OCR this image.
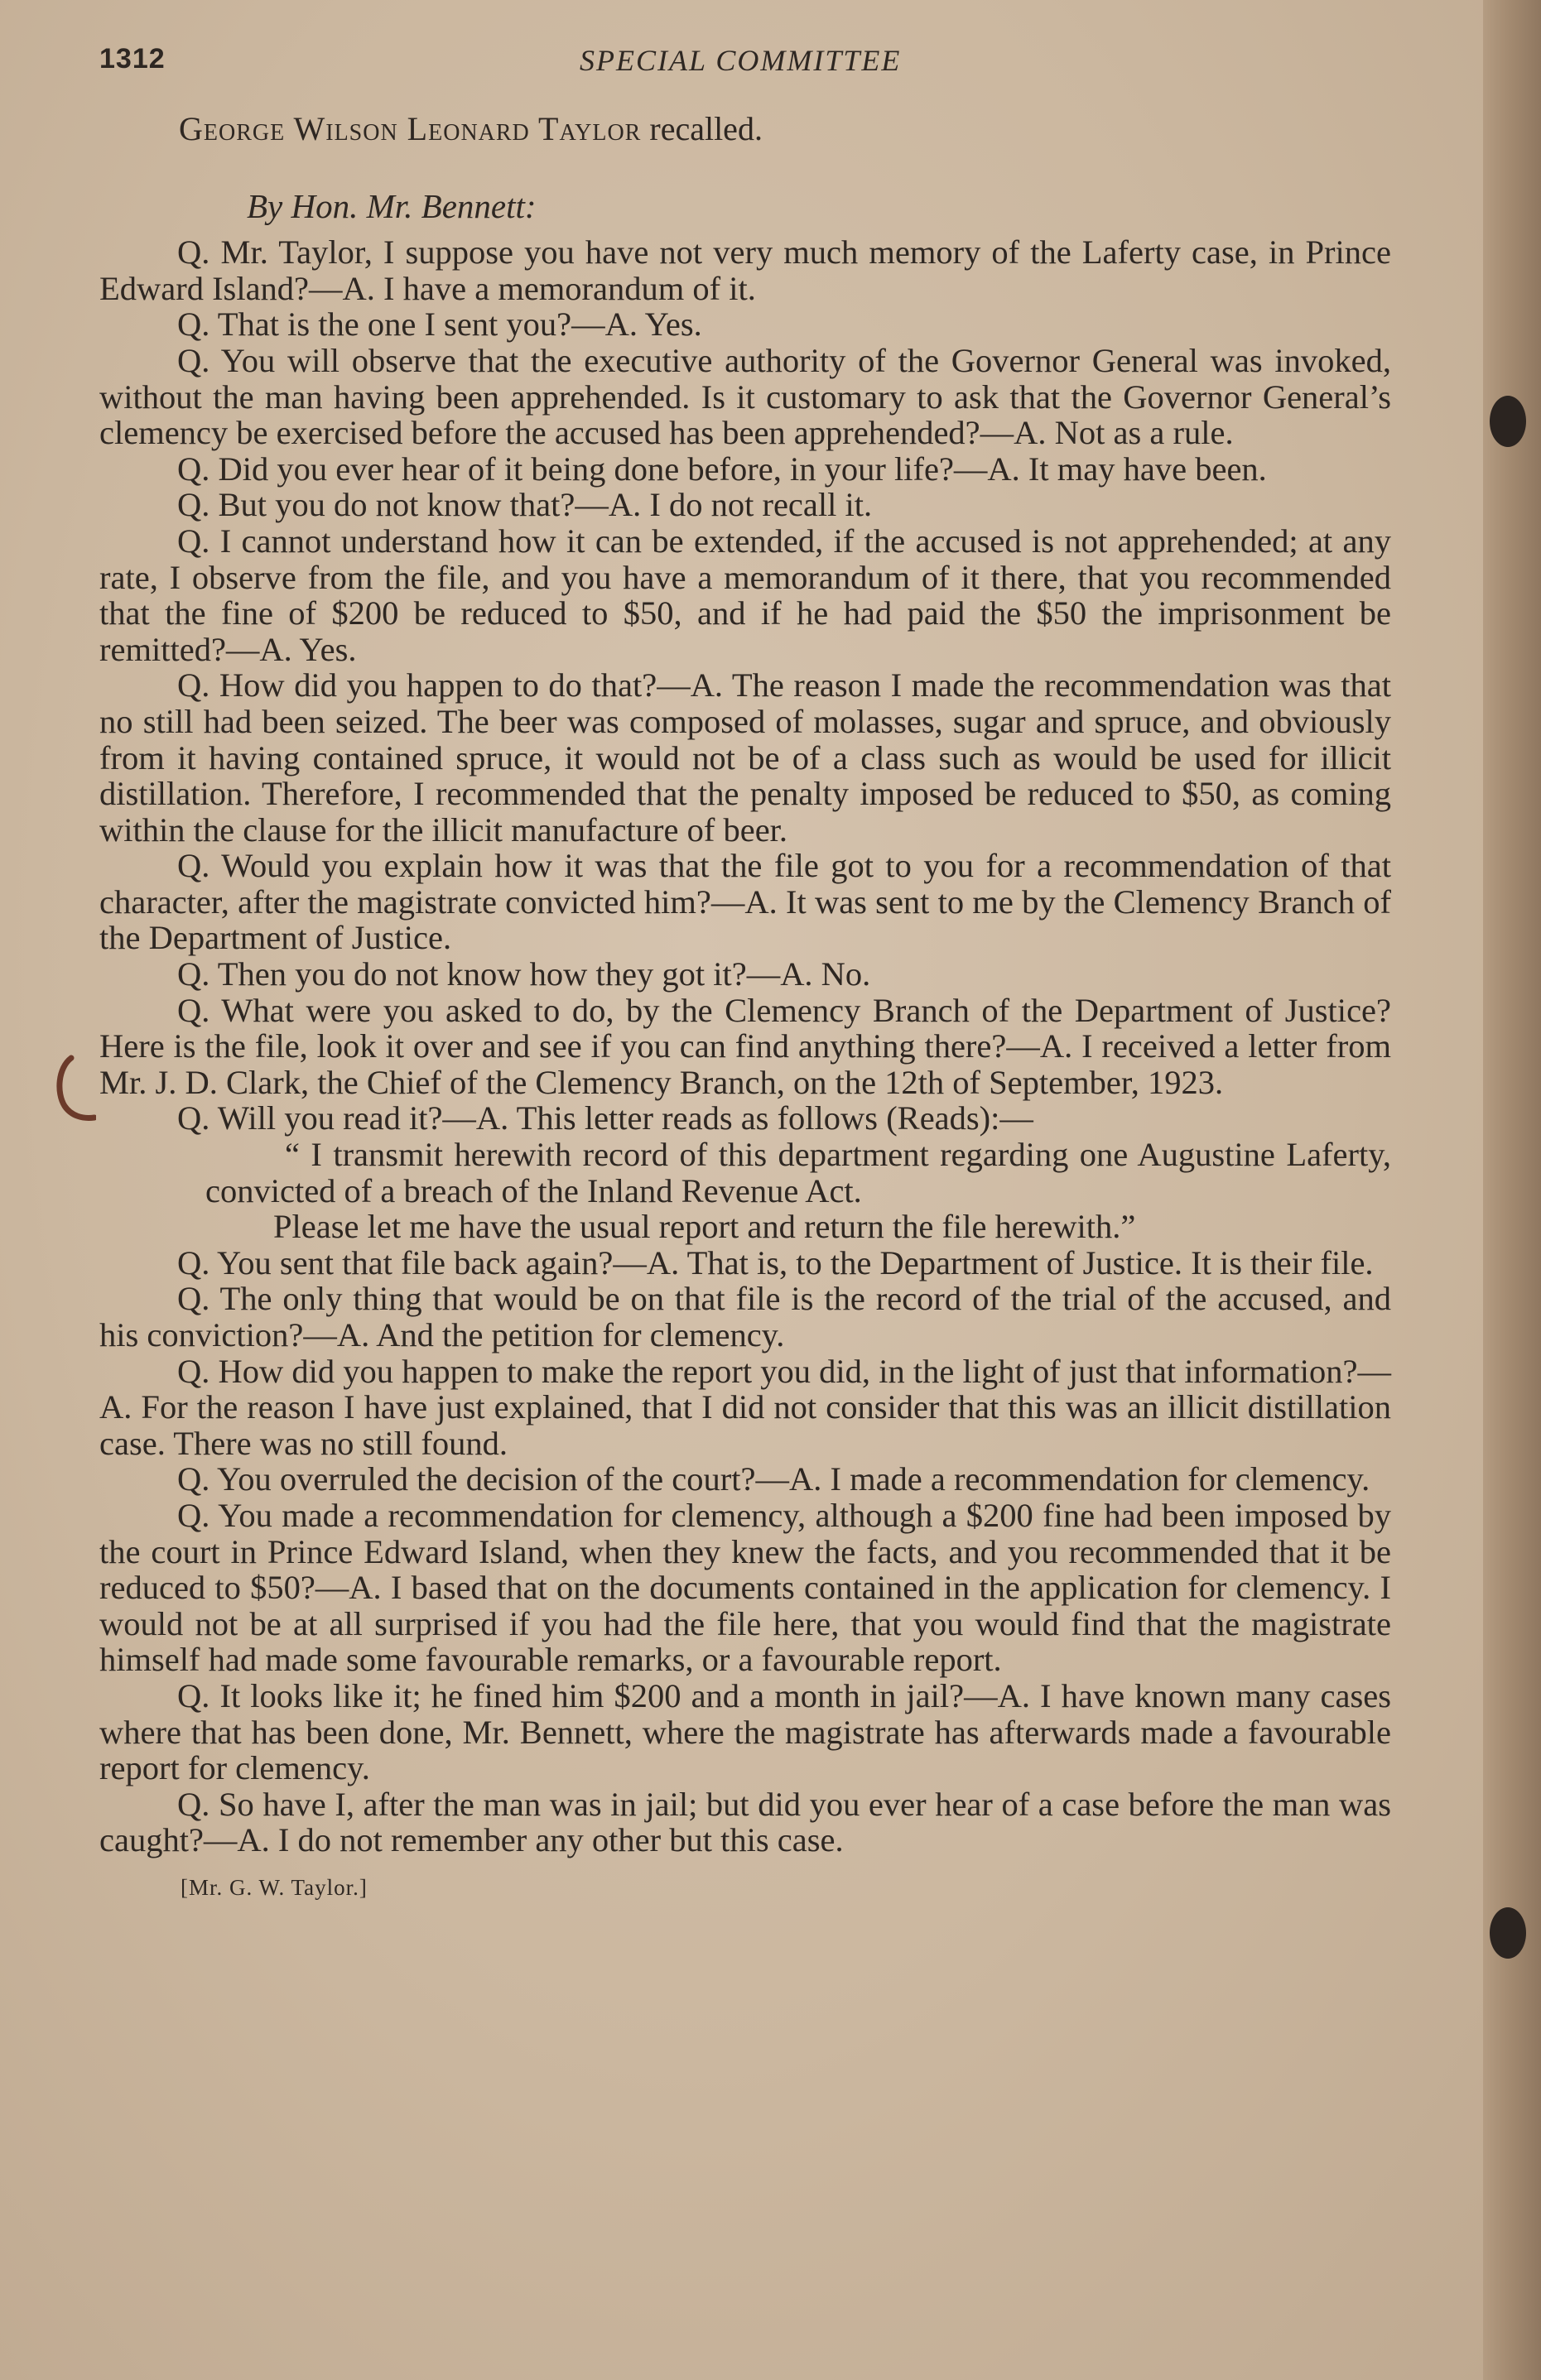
1312	SPECIAL COMMITTEE
George Wilson Leonard Taylor recalled.
By Hon. Mr. Bennett:

Q. Mr. Taylor, I suppose you have not very much memory of the Laferty case, in Prince Edward Island?—A. I have a memorandum of it.

Q. That is the one I sent you?—A. Yes.

Q. You will observe that the executive authority of the Governor General was invoked, without the man having been apprehended. Is it customary to ask that the Governor General’s clemency be exercised before the accused has been apprehended?—A. Not as a rule.

Q. Did you ever hear of it being done before, in your life?—A. It may have been.

Q. But you do not know that?—A. I do not recall it.

Q. I cannot understand how it can be extended, if the accused is not apprehended; at any rate, I observe from the file, and you have a memorandum of it there, that you recommended that the fine of $200 be reduced to $50, and if he had paid the $50 the imprisonment be remitted?—A. Yes.

Q. How did you happen to do that?—A. The reason I made the recommendation was that no still had been seized. The beer was composed of molasses, sugar and spruce, and obviously from it having contained spruce, it would not be of a class such as would be used for illicit distillation. Therefore, I recommended that the penalty imposed be reduced to $50, as coming within the clause for the illicit manufacture of beer.

Q. Would you explain how it was that the file got to you for a recommendation of that character, after the magistrate convicted him?—A. It was sent to me by the Clemency Branch of the Department of Justice.

Q. Then you do not know how they got it?—A. No.

Q. What were you asked to do, by the Clemency Branch of the Department of Justice? Here is the file, look it over and see if you can find anything there?—A. I received a letter from Mr. J. D. Clark, the Chief of the Clemency Branch, on the 12th of September, 1923.

Q. Will you read it?—A. This letter reads as follows (Reads):—

“ I transmit herewith record of this department regarding one Augustine Laferty, convicted of a breach of the Inland Revenue Act.

Please let me have the usual report and return the file herewith.”

Q. You sent that file back again?—A. That is, to the Department of Justice. It is their file.

Q. The only thing that would be on that file is the record of the trial of the accused, and his conviction?—A. And the petition for clemency.

Q. How did you happen to make the report you did, in the light of just that information?—A. For the reason I have just explained, that I did not consider that this was an illicit distillation case. There was no still found.

Q. You overruled the decision of the court?—A. I made a recommendation for clemency.

Q. You made a recommendation for clemency, although a $200 fine had been imposed by the court in Prince Edward Island, when they knew the facts, and you recommended that it be reduced to $50?—A. I based that on the documents contained in the application for clemency. I would not be at all surprised if you had the file here, that you would find that the magistrate himself had made some favourable remarks, or a favourable report.

Q. It looks like it; he fined him $200 and a month in jail?—A. I have known many cases where that has been done, Mr. Bennett, where the magistrate has afterwards made a favourable report for clemency.

Q. So have I, after the man was in jail; but did you ever hear of a case before the man was caught?—A. I do not remember any other but this case.

[Mr. G. W. Taylor.]
